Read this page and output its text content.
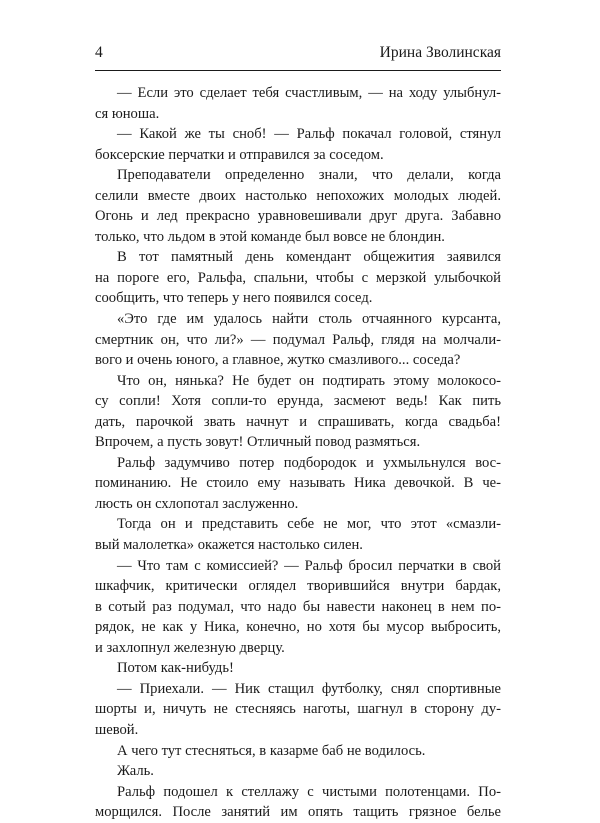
4	Ирина Зволинская

— Если это сделает тебя счастливым, — на ходу улыбнул-
ся юноша.

— Какой же ты сноб! — Ральф покачал головой, стянул
боксерские перчатки и отправился за соседом.

Преподаватели определенно знали, что делали, когда
селили вместе двоих настолько непохожих молодых людей.
Огонь и лед прекрасно уравновешивали друг друга. Забавно
только, что льдом в этой команде был вовсе не блондин.

В тот памятный день комендант общежития заявился
на пороге его, Ральфа, спальни, чтобы с мерзкой улыбочкой
сообщить, что теперь у него появился сосед.

«Это где им удалось найти столь отчаянного курсанта,
смертник он, что ли?» — подумал Ральф, глядя на молчали-
вого и очень юного, а главное, жутко смазливого... соседа?

Что он, нянька? Не будет он подтирать этому молокосо-
су сопли! Хотя сопли-то ерунда, засмеют ведь! Как пить
дать, парочкой звать начнут и спрашивать, когда свадьба!
Впрочем, а пусть зовут! Отличный повод размяться.

Ральф задумчиво потер подбородок и ухмыльнулся вос-
поминанию. Не стоило ему называть Ника девочкой. В че-
люсть он схлопотал заслуженно.

Тогда он и представить себе не мог, что этот «смазли-
вый малолетка» окажется настолько силен.

— Что там с комиссией? — Ральф бросил перчатки в свой
шкафчик, критически оглядел творившийся внутри бардак,
в сотый раз подумал, что надо бы навести наконец в нем по-
рядок, не как у Ника, конечно, но хотя бы мусор выбросить,
и захлопнул железную дверцу.

Потом как-нибудь!

— Приехали. — Ник стащил футболку, снял спортивные
шорты и, ничуть не стесняясь наготы, шагнул в сторону ду-
шевой.

А чего тут стесняться, в казарме баб не водилось.

Жаль.

Ральф подошел к стеллажу с чистыми полотенцами. По-
морщился. После занятий им опять тащить грязное белье
